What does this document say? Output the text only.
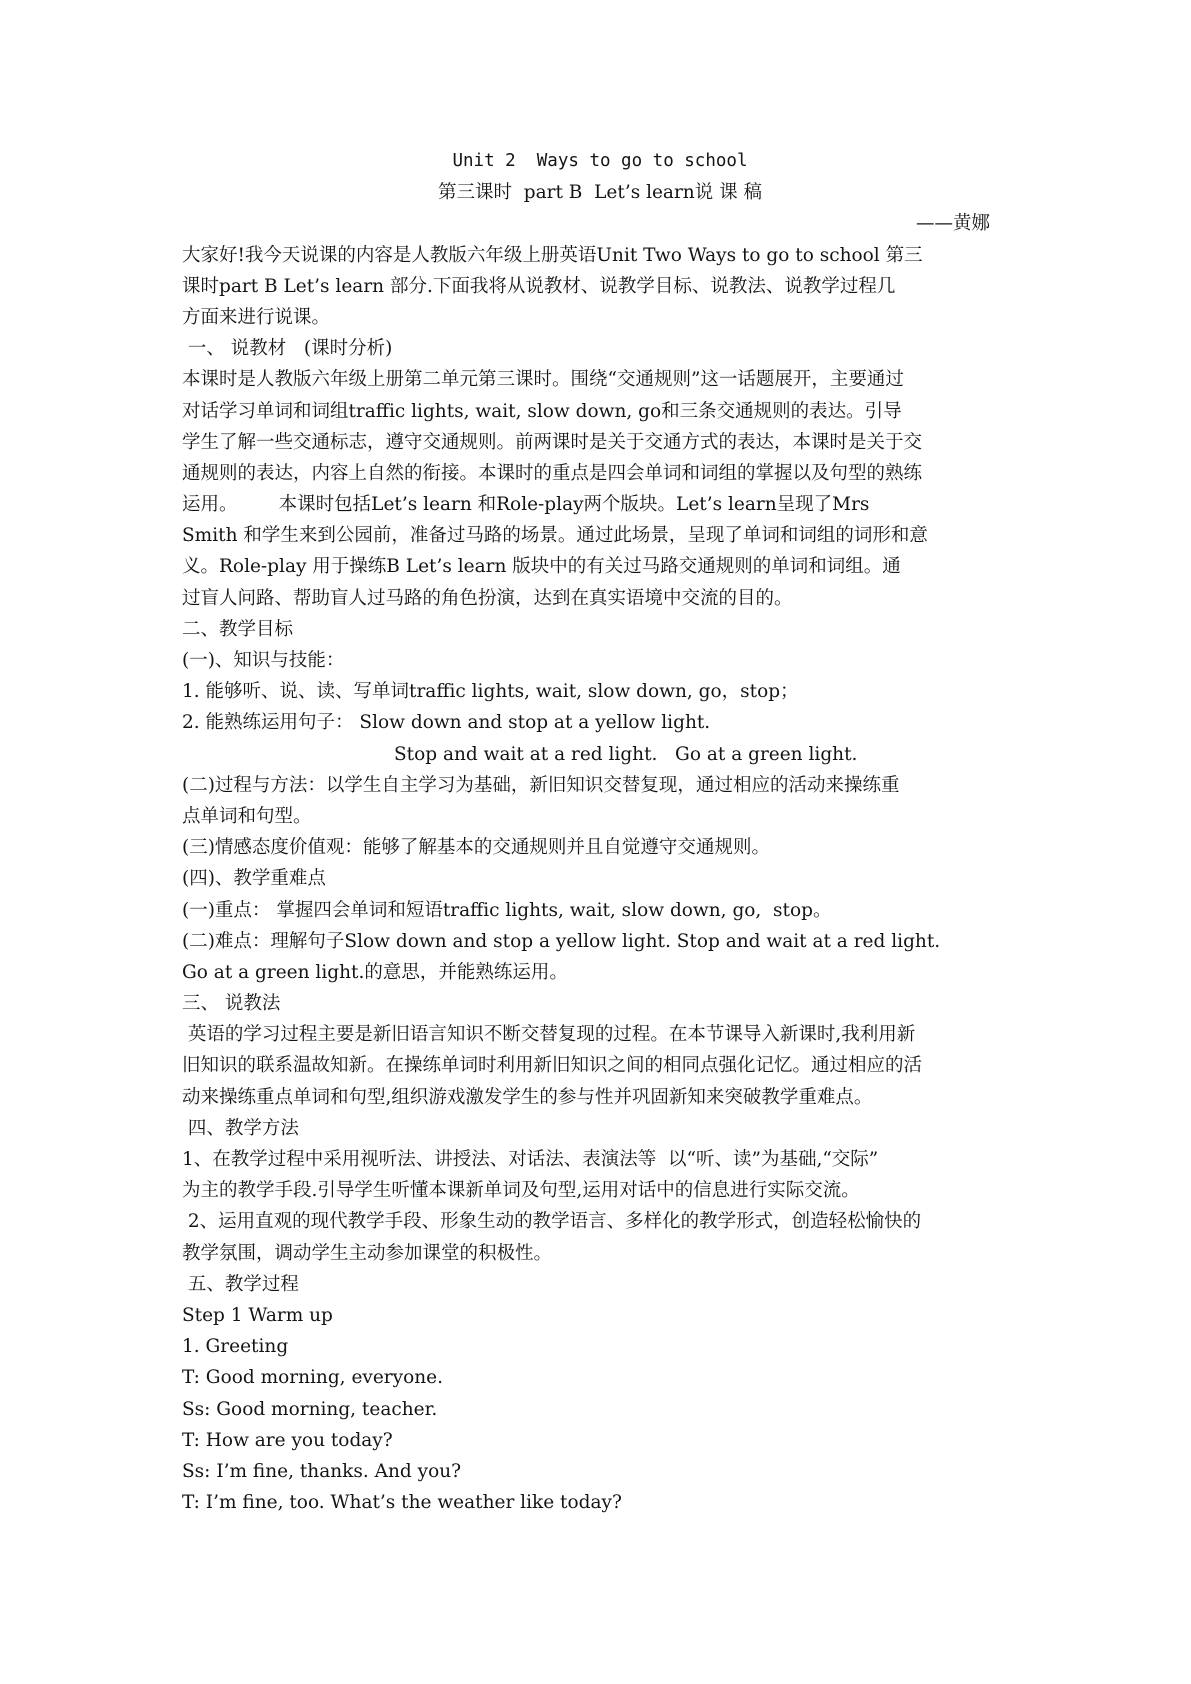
Unit 2  Ways to go to school
第三课时  part B  Let’s learn说 课 稿
——黄娜
大家好!我今天说课的内容是人教版六年级上册英语Unit Two Ways to go to school 第三
课时part B Let’s learn 部分.下面我将从说教材、说教学目标、说教法、说教学过程几
方面来进行说课。
一、 说教材   (课时分析)
本课时是人教版六年级上册第二单元第三课时。围绕“交通规则”这一话题展开，主要通过
对话学习单词和词组traffic lights, wait, slow down, go和三条交通规则的表达。引导
学生了解一些交通标志，遵守交通规则。前两课时是关于交通方式的表达，本课时是关于交
通规则的表达，内容上自然的衔接。本课时的重点是四会单词和词组的掌握以及句型的熟练
运用。       本课时包括Let’s learn 和Role-play两个版块。Let’s learn呈现了Mrs
Smith 和学生来到公园前，准备过马路的场景。通过此场景，呈现了单词和词组的词形和意
义。Role-play 用于操练B Let’s learn 版块中的有关过马路交通规则的单词和词组。通
过盲人问路、帮助盲人过马路的角色扮演，达到在真实语境中交流的目的。
二、教学目标
(一)、知识与技能：
1. 能够听、说、读、写单词traffic lights, wait, slow down, go，stop；
2. 能熟练运用句子： Slow down and stop at a yellow light.
Stop and wait at a red light.   Go at a green light.
(二)过程与方法：以学生自主学习为基础，新旧知识交替复现，通过相应的活动来操练重
点单词和句型。
(三)情感态度价值观：能够了解基本的交通规则并且自觉遵守交通规则。
(四)、教学重难点
(一)重点： 掌握四会单词和短语traffic lights, wait, slow down, go,  stop。
(二)难点：理解句子Slow down and stop a yellow light. Stop and wait at a red light.
Go at a green light.的意思，并能熟练运用。
三、 说教法
英语的学习过程主要是新旧语言知识不断交替复现的过程。在本节课导入新课时,我利用新
旧知识的联系温故知新。在操练单词时利用新旧知识之间的相同点强化记忆。通过相应的活
动来操练重点单词和句型,组织游戏激发学生的参与性并巩固新知来突破教学重难点。
四、教学方法
1、在教学过程中采用视听法、讲授法、对话法、表演法等  以“听、读”为基础,“交际”
为主的教学手段.引导学生听懂本课新单词及句型,运用对话中的信息进行实际交流。
2、运用直观的现代教学手段、形象生动的教学语言、多样化的教学形式，创造轻松愉快的
教学氛围，调动学生主动参加课堂的积极性。
五、教学过程
Step 1 Warm up
1. Greeting
T: Good morning, everyone.
Ss: Good morning, teacher.
T: How are you today?
Ss: I’m fine, thanks. And you?
T: I’m fine, too. What’s the weather like today?
